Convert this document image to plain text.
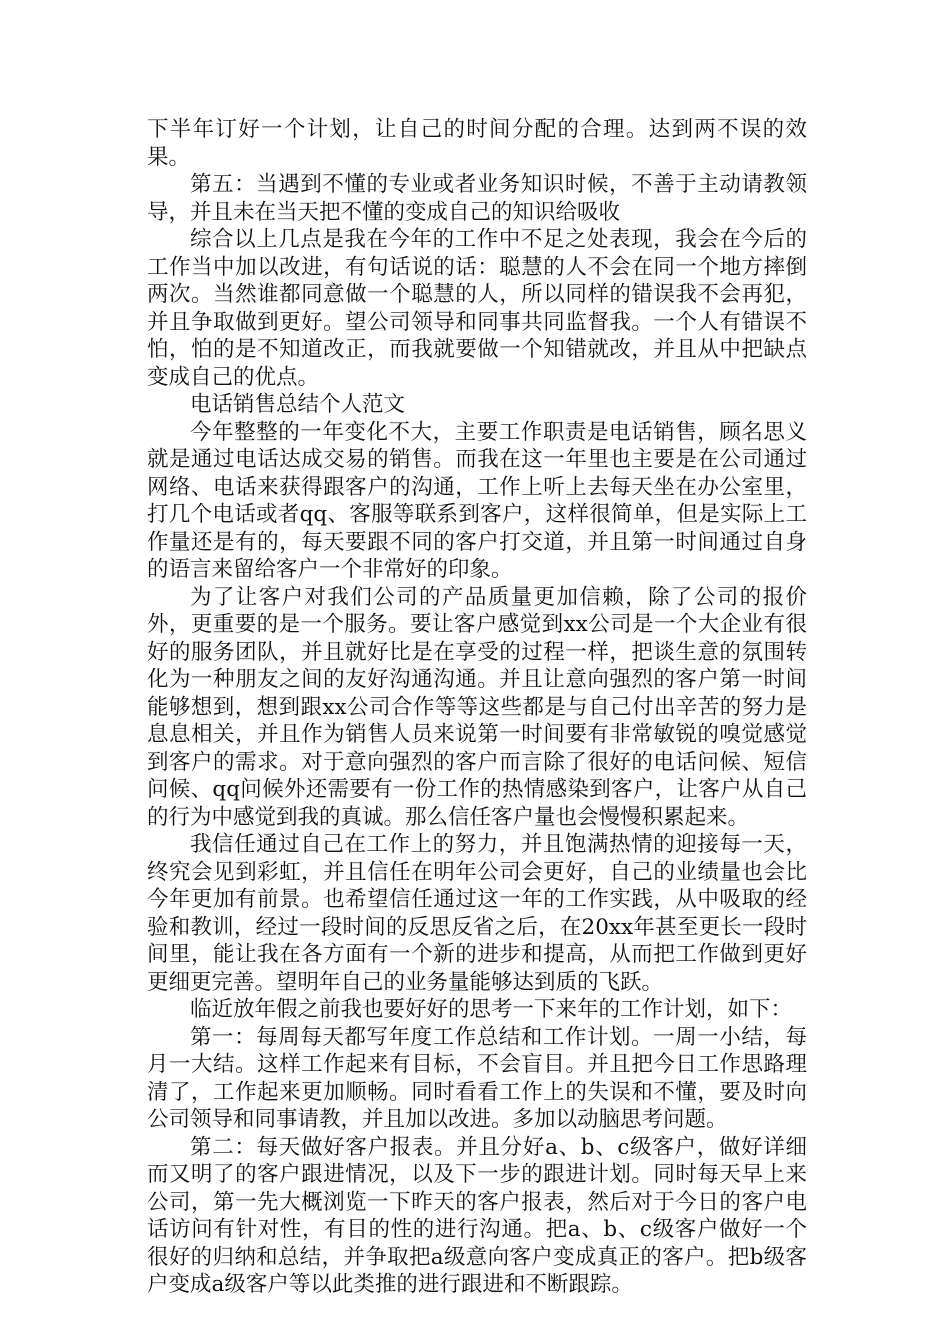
下半年订好一个计划，让自己的时间分配的合理。达到两不误的效果。

第五：当遇到不懂的专业或者业务知识时候，不善于主动请教领导，并且未在当天把不懂的变成自己的知识给吸收

综合以上几点是我在今年的工作中不足之处表现，我会在今后的工作当中加以改进，有句话说的话：聪慧的人不会在同一个地方摔倒两次。当然谁都同意做一个聪慧的人，所以同样的错误我不会再犯，并且争取做到更好。望公司领导和同事共同监督我。一个人有错误不怕，怕的是不知道改正，而我就要做一个知错就改，并且从中把缺点变成自己的优点。

电话销售总结个人范文

今年整整的一年变化不大，主要工作职责是电话销售，顾名思义就是通过电话达成交易的销售。而我在这一年里也主要是在公司通过网络、电话来获得跟客户的沟通，工作上听上去每天坐在办公室里，打几个电话或者qq、客服等联系到客户，这样很简单，但是实际上工作量还是有的，每天要跟不同的客户打交道，并且第一时间通过自身的语言来留给客户一个非常好的印象。

为了让客户对我们公司的产品质量更加信赖，除了公司的报价外，更重要的是一个服务。要让客户感觉到xx公司是一个大企业有很好的服务团队，并且就好比是在享受的过程一样，把谈生意的氛围转化为一种朋友之间的友好沟通沟通。并且让意向强烈的客户第一时间能够想到，想到跟xx公司合作等等这些都是与自己付出辛苦的努力是息息相关，并且作为销售人员来说第一时间要有非常敏锐的嗅觉感觉到客户的需求。对于意向强烈的客户而言除了很好的电话问候、短信问候、qq问候外还需要有一份工作的热情感染到客户，让客户从自己的行为中感觉到我的真诚。那么信任客户量也会慢慢积累起来。

我信任通过自己在工作上的努力，并且饱满热情的迎接每一天，终究会见到彩虹，并且信任在明年公司会更好，自己的业绩量也会比今年更加有前景。也希望信任通过这一年的工作实践，从中吸取的经验和教训，经过一段时间的反思反省之后，在20xx年甚至更长一段时间里，能让我在各方面有一个新的进步和提高，从而把工作做到更好更细更完善。望明年自己的业务量能够达到质的飞跃。

临近放年假之前我也要好好的思考一下来年的工作计划，如下：

第一：每周每天都写年度工作总结和工作计划。一周一小结，每月一大结。这样工作起来有目标，不会盲目。并且把今日工作思路理清了，工作起来更加顺畅。同时看看工作上的失误和不懂，要及时向公司领导和同事请教，并且加以改进。多加以动脑思考问题。

第二：每天做好客户报表。并且分好a、b、c级客户，做好详细而又明了的客户跟进情况，以及下一步的跟进计划。同时每天早上来公司，第一先大概浏览一下昨天的客户报表，然后对于今日的客户电话访问有针对性，有目的性的进行沟通。把a、b、c级客户做好一个很好的归纳和总结，并争取把a级意向客户变成真正的客户。把b级客户变成a级客户等以此类推的进行跟进和不断跟踪。
